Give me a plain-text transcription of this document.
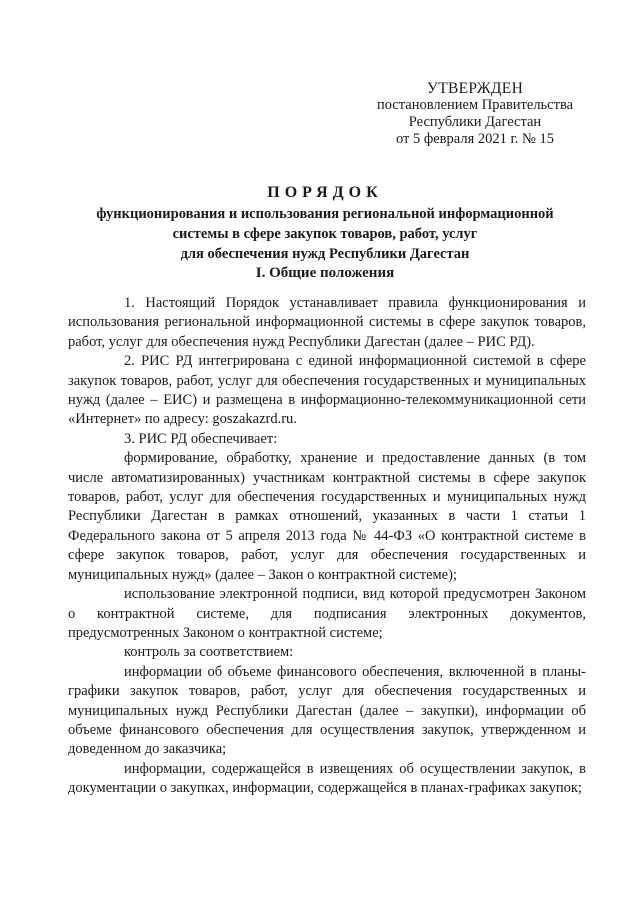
УТВЕРЖДЕН
постановлением Правительства
Республики Дагестан
от 5 февраля 2021 г. № 15
ПОРЯДОК
функционирования и использования региональной информационной
системы в сфере закупок товаров, работ, услуг
для обеспечения нужд Республики Дагестан
I. Общие положения

1. Настоящий Порядок устанавливает правила функционирования и использования региональной информационной системы в сфере закупок товаров, работ, услуг для обеспечения нужд Республики Дагестан (далее – РИС РД).

2. РИС РД интегрирована с единой информационной системой в сфере закупок товаров, работ, услуг для обеспечения государственных и муниципальных нужд (далее – ЕИС) и размещена в информационно-телекоммуникационной сети «Интернет» по адресу: goszakazrd.ru.

3. РИС РД обеспечивает:

формирование, обработку, хранение и предоставление данных (в том числе автоматизированных) участникам контрактной системы в сфере закупок товаров, работ, услуг для обеспечения государственных и муниципальных нужд Республики Дагестан в рамках отношений, указанных в части 1 статьи 1 Федерального закона от 5 апреля 2013 года № 44-ФЗ «О контрактной системе в сфере закупок товаров, работ, услуг для обеспечения государственных и муниципальных нужд» (далее – Закон о контрактной системе);

использование электронной подписи, вид которой предусмотрен Законом о контрактной системе, для подписания электронных документов, предусмотренных Законом о контрактной системе;

контроль за соответствием:

информации об объеме финансового обеспечения, включенной в планы-графики закупок товаров, работ, услуг для обеспечения государственных и муниципальных нужд Республики Дагестан (далее – закупки), информации об объеме финансового обеспечения для осуществления закупок, утвержденном и доведенном до заказчика;

информации, содержащейся в извещениях об осуществлении закупок, в документации о закупках, информации, содержащейся в планах-графиках закупок;
